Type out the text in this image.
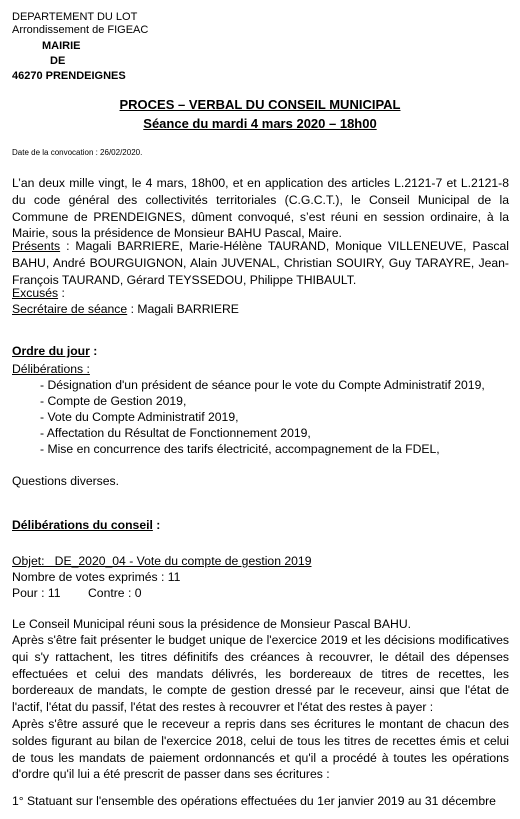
DEPARTEMENT DU LOT
Arrondissement de FIGEAC
MAIRIE
DE
46270 PRENDEIGNES
PROCES – VERBAL DU CONSEIL MUNICIPAL
Séance du mardi 4 mars 2020 – 18h00
Date de la convocation : 26/02/2020.
L’an deux mille vingt, le 4 mars, 18h00, et en application des articles L.2121-7 et L.2121-8 du code général des collectivités territoriales (C.G.C.T.), le Conseil Municipal de la Commune de PRENDEIGNES, dûment convoqué, s’est réuni en session ordinaire, à la Mairie, sous la présidence de Monsieur BAHU Pascal, Maire.
Présents : Magali BARRIERE, Marie-Hélène TAURAND, Monique VILLENEUVE, Pascal BAHU, André BOURGUIGNON, Alain JUVENAL, Christian SOUIRY, Guy TARAYRE, Jean-François TAURAND, Gérard TEYSSEDOU, Philippe THIBAULT.
Excusés :
Secrétaire de séance : Magali BARRIERE
Ordre du jour :
Délibérations :
- Désignation d'un président de séance pour le vote du Compte Administratif 2019,
- Compte de Gestion 2019,
- Vote du Compte Administratif 2019,
- Affectation du Résultat de Fonctionnement 2019,
- Mise en concurrence des tarifs électricité, accompagnement de la FDEL,
Questions diverses.
Délibérations du conseil :
Objet:   DE_2020_04 - Vote du compte de gestion 2019
Nombre de votes exprimés : 11
Pour : 11 Contre : 0
Le Conseil Municipal réuni sous la présidence de Monsieur Pascal BAHU.
Après s'être fait présenter le budget unique de l'exercice 2019 et les décisions modificatives qui s'y rattachent, les titres définitifs des créances à recouvrer, le détail des dépenses effectuées et celui des mandats délivrés, les bordereaux de titres de recettes, les bordereaux de mandats, le compte de gestion dressé par le receveur, ainsi que l'état de l'actif, l'état du passif, l'état des restes à recouvrer et l'état des restes à payer :
Après s'être assuré que le receveur a repris dans ses écritures le montant de chacun des soldes figurant au bilan de l'exercice 2018, celui de tous les titres de recettes émis et celui de tous les mandats de paiement ordonnancés et qu'il a procédé à toutes les opérations d'ordre qu'il lui a été prescrit de passer dans ses écritures :
1° Statuant sur l'ensemble des opérations effectuées du 1er janvier 2019 au 31 décembre
